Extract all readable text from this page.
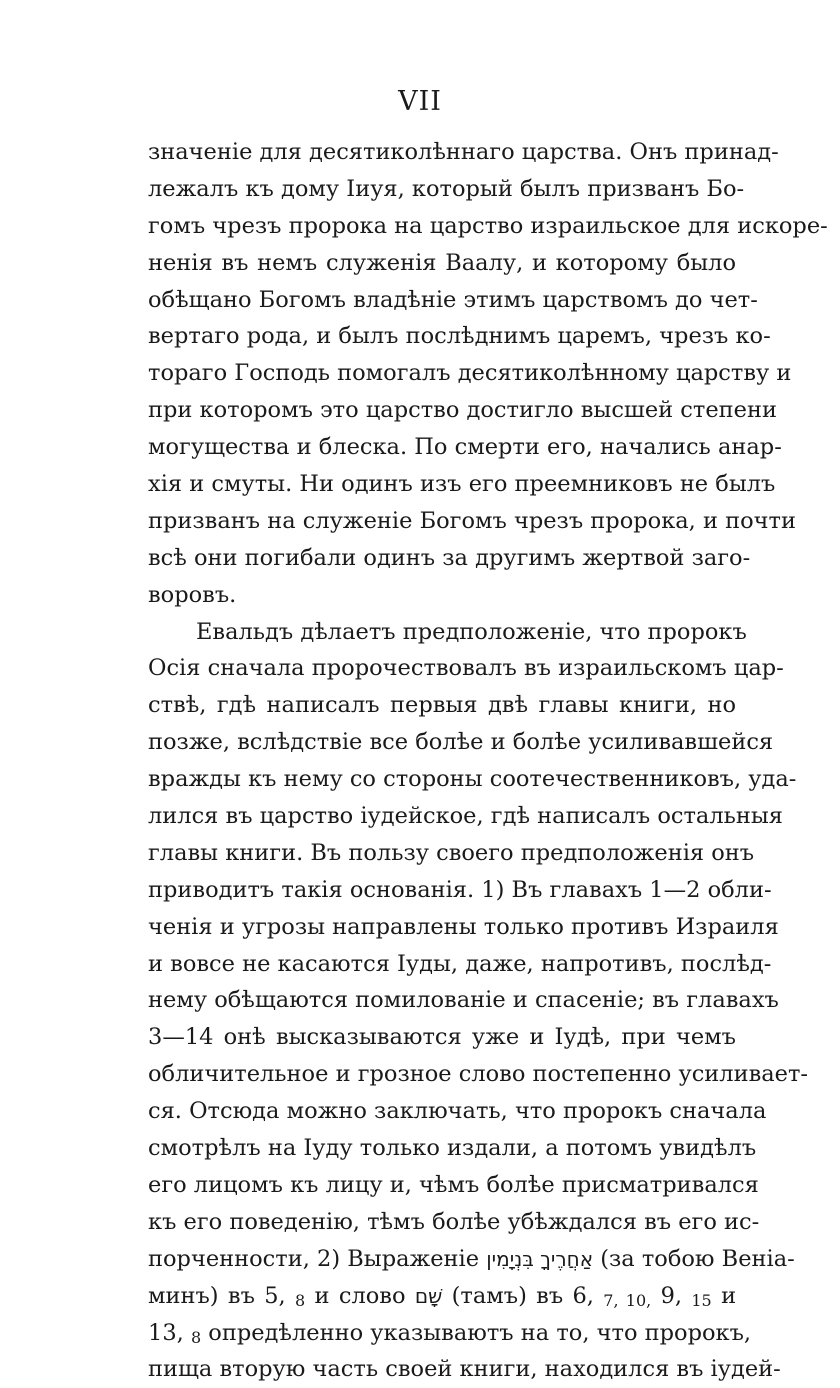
VII
значеніе для десятиколѣннаго царства. Онъ принад-
лежалъ къ дому Іиуя, который былъ призванъ Бо-
гомъ чрезъ пророка на царство израильское для искоре-
ненія въ немъ служенія Ваалу, и которому было
обѣщано Богомъ владѣніе этимъ царствомъ до чет-
вертаго рода, и былъ послѣднимъ царемъ, чрезъ ко-
тораго Господь помогалъ десятиколѣнному царству и
при которомъ это царство достигло высшей степени
могущества и блеска. По смерти его, начались анар-
хія и смуты. Ни одинъ изъ его преемниковъ не былъ
призванъ на служеніе Богомъ чрезъ пророка, и почти
всѣ они погибали одинъ за другимъ жертвой заго-
воровъ.
Евальдъ дѣлаетъ предположеніе, что пророкъ
Осія сначала пророчествовалъ въ израильскомъ цар-
ствѣ, гдѣ написалъ первыя двѣ главы книги, но
позже, вслѣдствіе все болѣе и болѣе усиливавшейся
вражды къ нему со стороны соотечественниковъ, уда-
лился въ царство іудейское, гдѣ написалъ остальныя
главы книги. Въ пользу своего предположенія онъ
приводитъ такія основанія. 1) Въ главахъ 1—2 обли-
ченія и угрозы направлены только противъ Израиля
и вовсе не касаются Іуды, даже, напротивъ, послѣд-
нему обѣщаются помилованіе и спасеніе; въ главахъ
3—14 онѣ высказываются уже и Іудѣ, при чемъ
обличительное и грозное слово постепенно усиливает-
ся. Отсюда можно заключать, что пророкъ сначала
смотрѣлъ на Іуду только издали, а потомъ увидѣлъ
его лицомъ къ лицу и, чѣмъ болѣе присматривался
къ его поведенію, тѣмъ болѣе убѣждался въ его ис-
порченности, 2) Выраженіе אַחֲרֶיךָ בִּנְיָמִין (за тобою Веніа-
минъ) въ 5, 8 и слово שָׁם (тамъ) въ 6, 7, 10, 9, 15 и
13, 8 опредѣленно указываютъ на то, что пророкъ,
пища вторую часть своей книги, находился въ іудей-
